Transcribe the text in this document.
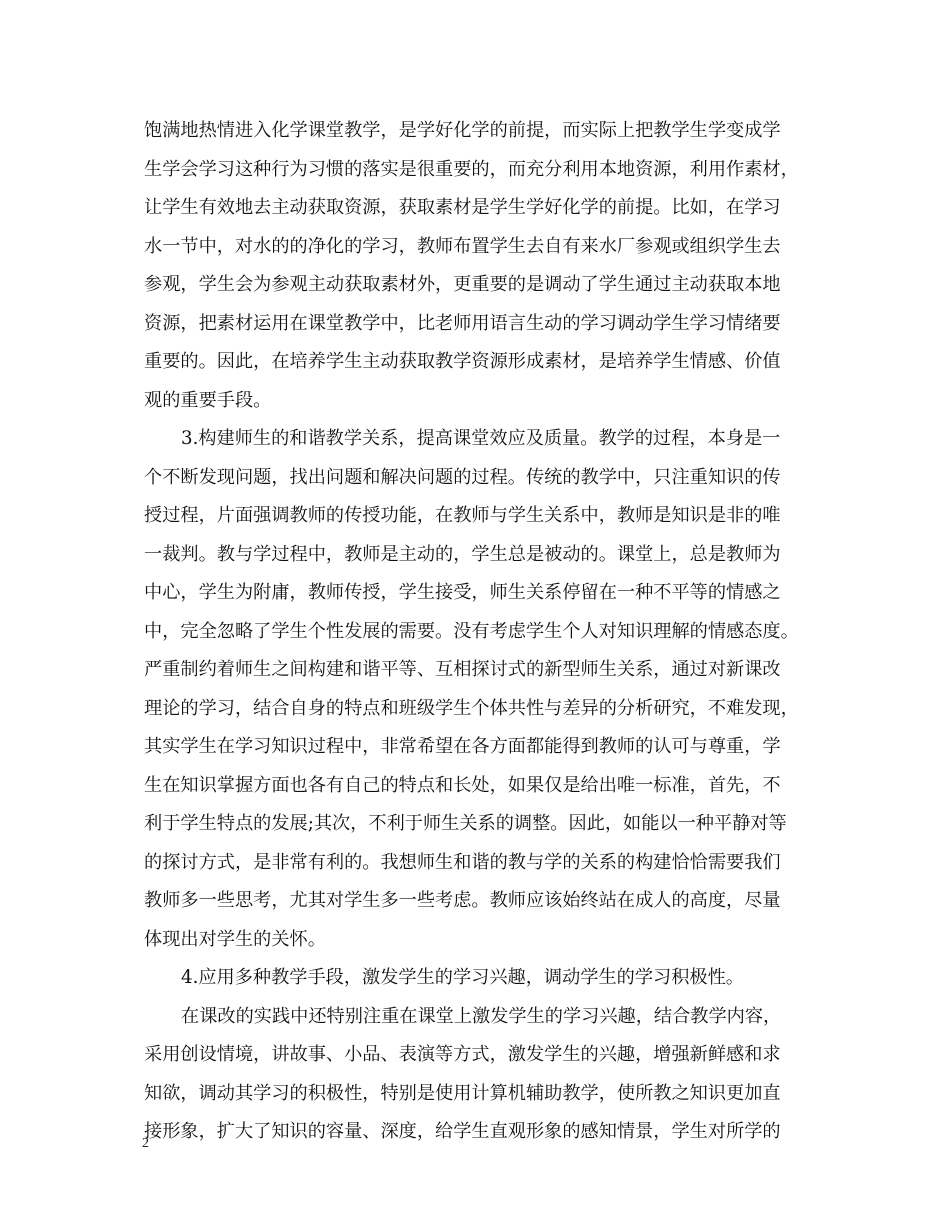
饱满地热情进入化学课堂教学，是学好化学的前提，而实际上把教学生学变成学
生学会学习这种行为习惯的落实是很重要的，而充分利用本地资源，利用作素材，
让学生有效地去主动获取资源，获取素材是学生学好化学的前提。比如，在学习
水一节中，对水的的净化的学习，教师布置学生去自有来水厂参观或组织学生去
参观，学生会为参观主动获取素材外，更重要的是调动了学生通过主动获取本地
资源，把素材运用在课堂教学中，比老师用语言生动的学习调动学生学习情绪要
重要的。因此，在培养学生主动获取教学资源形成素材，是培养学生情感、价值
观的重要手段。
3.构建师生的和谐教学关系，提高课堂效应及质量。教学的过程，本身是一
个不断发现问题，找出问题和解决问题的过程。传统的教学中，只注重知识的传
授过程，片面强调教师的传授功能，在教师与学生关系中，教师是知识是非的唯
一裁判。教与学过程中，教师是主动的，学生总是被动的。课堂上，总是教师为
中心，学生为附庸，教师传授，学生接受，师生关系停留在一种不平等的情感之
中，完全忽略了学生个性发展的需要。没有考虑学生个人对知识理解的情感态度。
严重制约着师生之间构建和谐平等、互相探讨式的新型师生关系，通过对新课改
理论的学习，结合自身的特点和班级学生个体共性与差异的分析研究，不难发现，
其实学生在学习知识过程中，非常希望在各方面都能得到教师的认可与尊重，学
生在知识掌握方面也各有自己的特点和长处，如果仅是给出唯一标准，首先，不
利于学生特点的发展;其次，不利于师生关系的调整。因此，如能以一种平静对等
的探讨方式，是非常有利的。我想师生和谐的教与学的关系的构建恰恰需要我们
教师多一些思考，尤其对学生多一些考虑。教师应该始终站在成人的高度，尽量
体现出对学生的关怀。
4.应用多种教学手段，激发学生的学习兴趣，调动学生的学习积极性。
在课改的实践中还特别注重在课堂上激发学生的学习兴趣，结合教学内容，
采用创设情境，讲故事、小品、表演等方式，激发学生的兴趣，增强新鲜感和求
知欲，调动其学习的积极性，特别是使用计算机辅助教学，使所教之知识更加直
接形象，扩大了知识的容量、深度，给学生直观形象的感知情景，学生对所学的
2
